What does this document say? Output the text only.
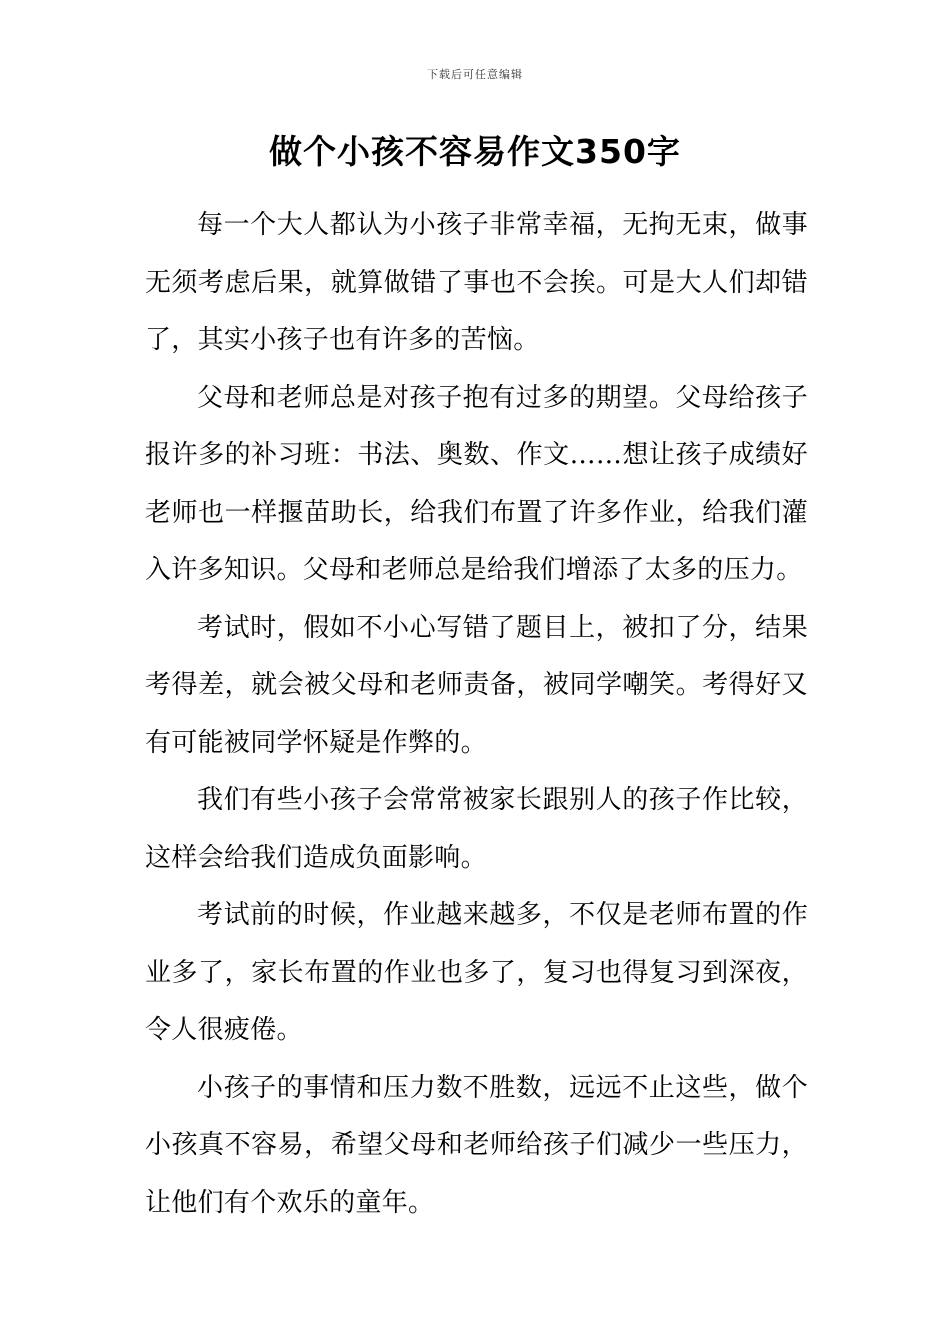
下载后可任意编辑
做个小孩不容易作文350字

每一个大人都认为小孩子非常幸福，无拘无束，做事无须考虑后果，就算做错了事也不会挨。可是大人们却错了，其实小孩子也有许多的苦恼。

父母和老师总是对孩子抱有过多的期望。父母给孩子报许多的补习班：书法、奥数、作文……想让孩子成绩好老师也一样揠苗助长，给我们布置了许多作业，给我们灌入许多知识。父母和老师总是给我们增添了太多的压力。

考试时，假如不小心写错了题目上，被扣了分，结果考得差，就会被父母和老师责备，被同学嘲笑。考得好又有可能被同学怀疑是作弊的。

我们有些小孩子会常常被家长跟别人的孩子作比较，这样会给我们造成负面影响。

考试前的时候，作业越来越多，不仅是老师布置的作业多了，家长布置的作业也多了，复习也得复习到深夜，令人很疲倦。

小孩子的事情和压力数不胜数，远远不止这些，做个小孩真不容易，希望父母和老师给孩子们减少一些压力，让他们有个欢乐的童年。
